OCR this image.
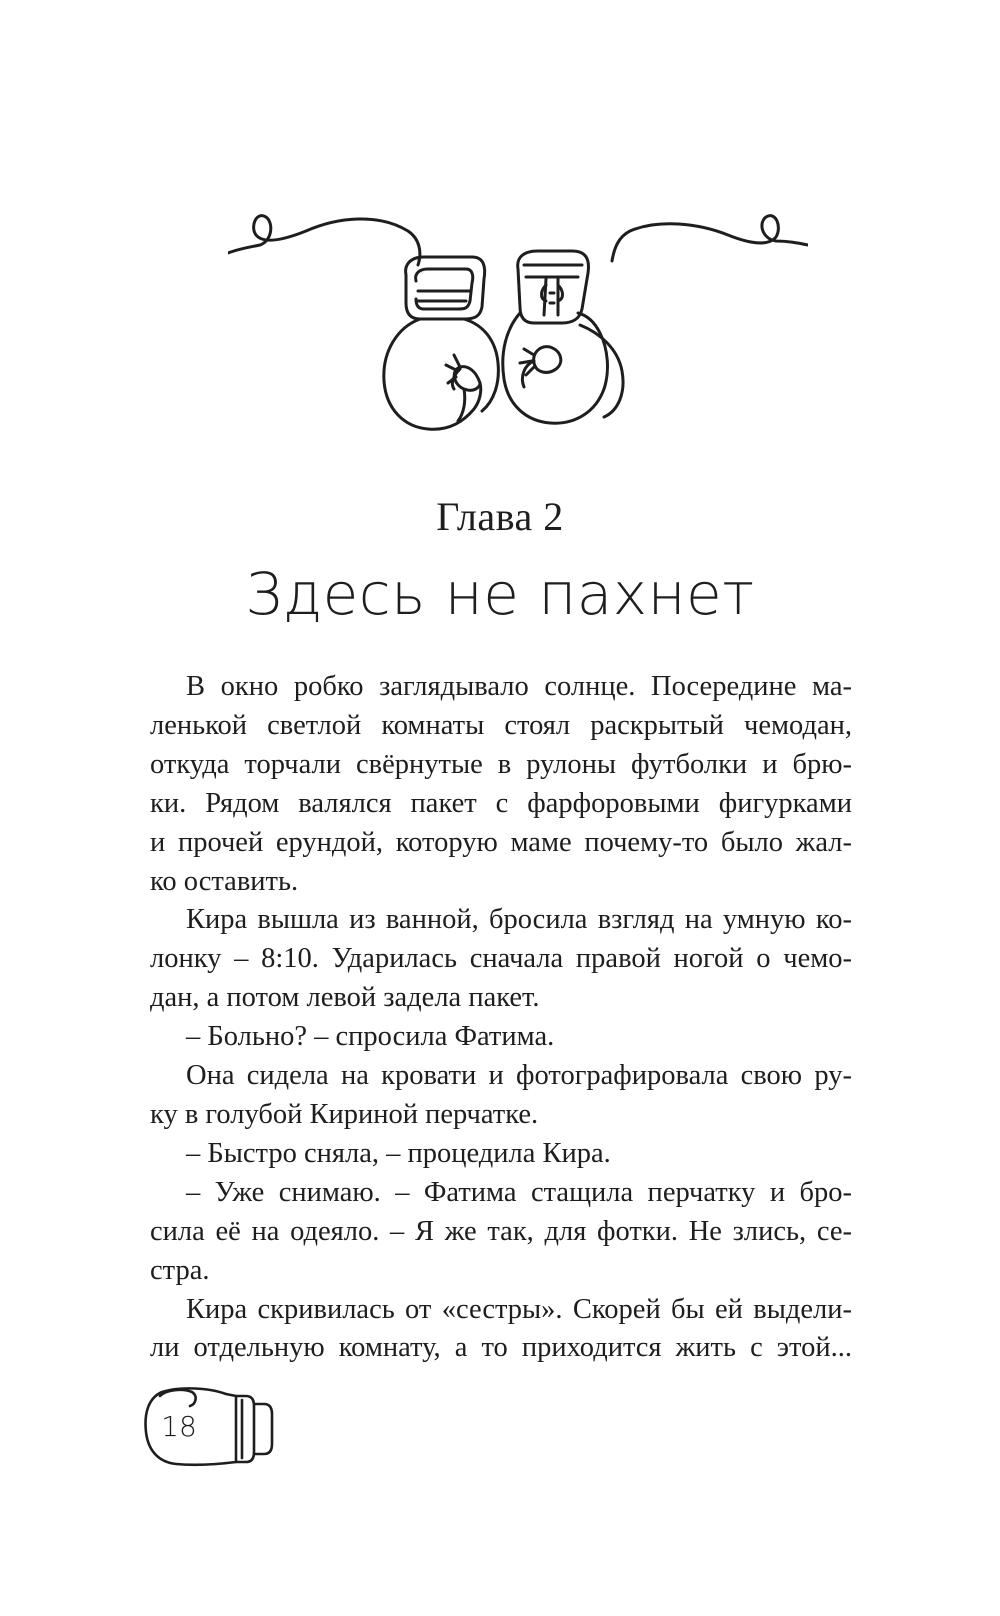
Глава 2
Здесь не пахнет

В окно робко заглядывало солнце. Посередине ма-
ленькой светлой комнаты стоял раскрытый чемодан,
откуда торчали свёрнутые в рулоны футболки и брю-
ки. Рядом валялся пакет с фарфоровыми фигурками
и прочей ерундой, которую маме почему-то было жал-
ко оставить.

Кира вышла из ванной, бросила взгляд на умную ко-
лонку – 8:10. Ударилась сначала правой ногой о чемо-
дан, а потом левой задела пакет.

– Больно? – спросила Фатима.

Она сидела на кровати и фотографировала свою ру-
ку в голубой Кириной перчатке.

– Быстро сняла, – процедила Кира.

– Уже снимаю. – Фатима стащила перчатку и бро-
сила её на одеяло. – Я же так, для фотки. Не злись, се-
стра.

Кира скривилась от «сестры». Скорей бы ей выдели-
ли отдельную комнату, а то приходится жить с этой...

18
